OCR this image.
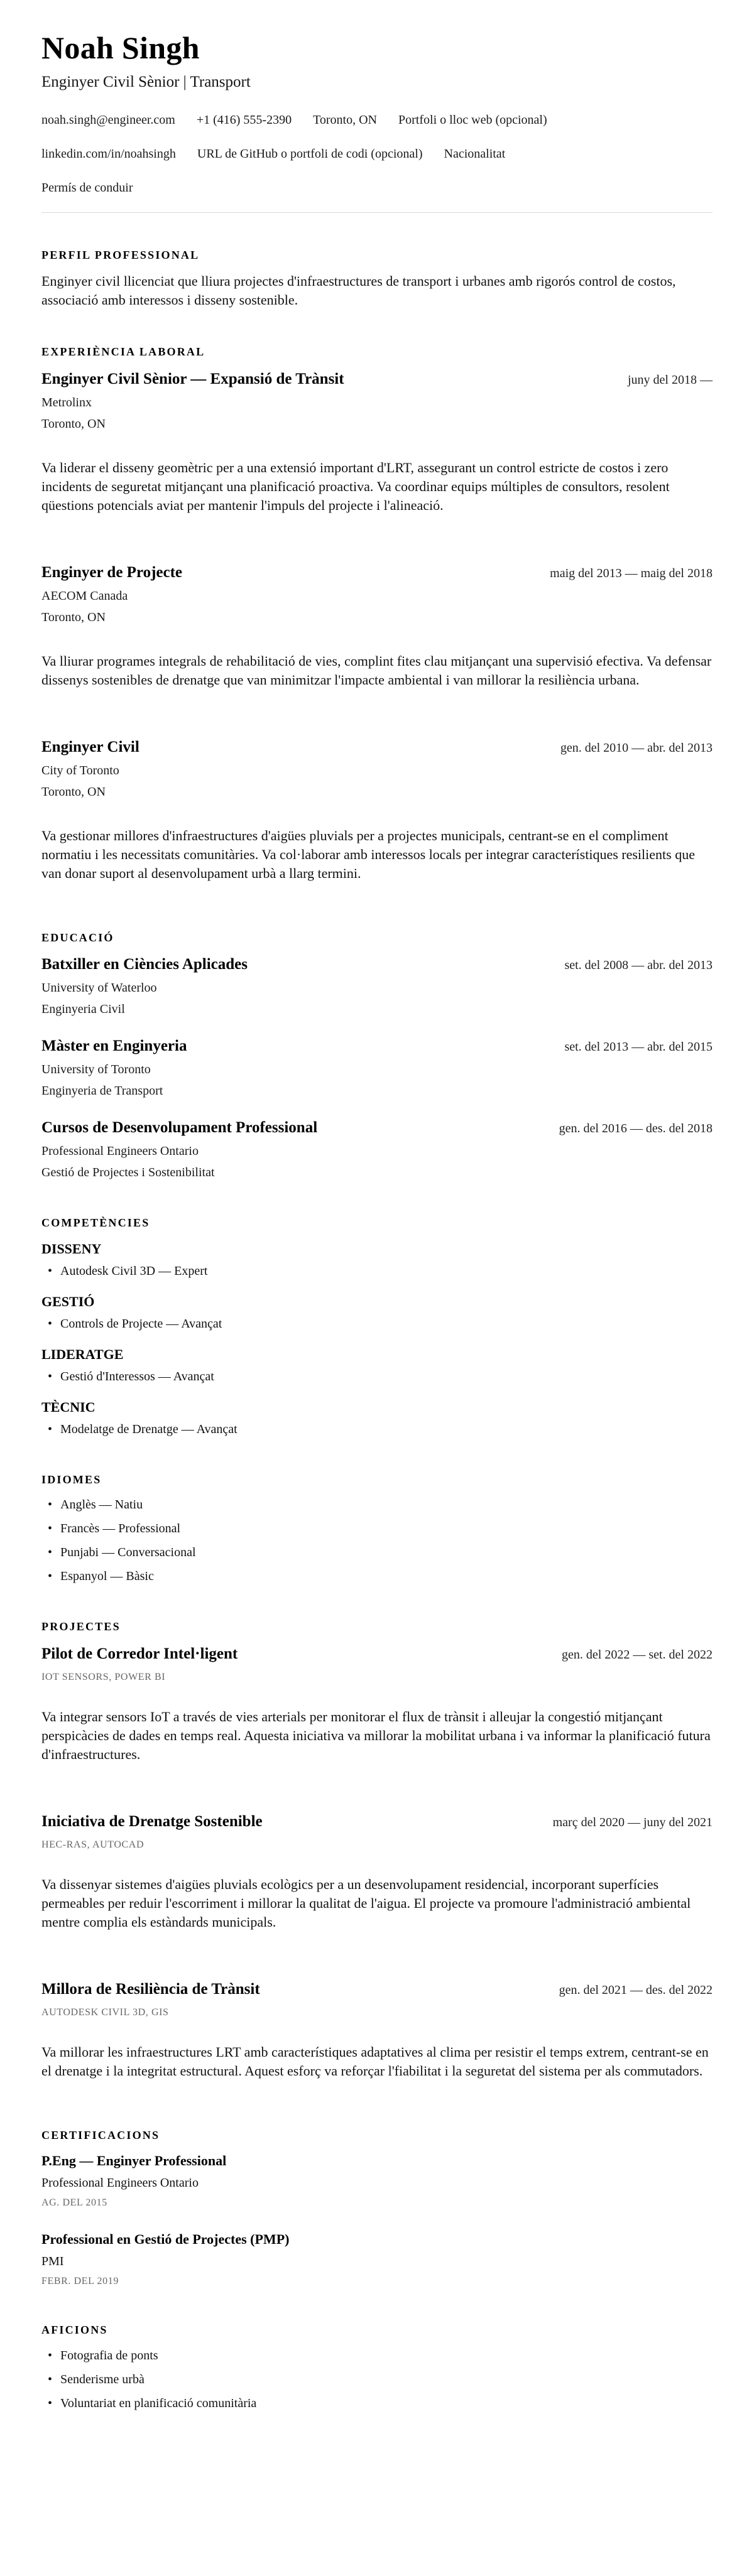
Noah Singh
Enginyer Civil Sènior | Transport
noah.singh@engineer.com +1 (416) 555-2390 Toronto, ON Portfoli o lloc web (opcional)
linkedin.com/in/noahsingh URL de GitHub o portfoli de codi (opcional) Nacionalitat
Permís de conduir
PERFIL PROFESSIONAL

Enginyer civil llicenciat que lliura projectes d'infraestructures de transport i urbanes amb rigorós control de costos, associació amb interessos i disseny sostenible.

EXPERIÈNCIA LABORAL
Enginyer Civil Sènior — Expansió de Trànsit	juny del 2018 —
Metrolinx
Toronto, ON

Va liderar el disseny geomètric per a una extensió important d'LRT, assegurant un control estricte de costos i zero incidents de seguretat mitjançant una planificació proactiva. Va coordinar equips múltiples de consultors, resolent qüestions potencials aviat per mantenir l'impuls del projecte i l'alineació.

Enginyer de Projecte	maig del 2013 — maig del 2018
AECOM Canada
Toronto, ON

Va lliurar programes integrals de rehabilitació de vies, complint fites clau mitjançant una supervisió efectiva. Va defensar dissenys sostenibles de drenatge que van minimitzar l'impacte ambiental i van millorar la resiliència urbana.

Enginyer Civil	gen. del 2010 — abr. del 2013
City of Toronto
Toronto, ON

Va gestionar millores d'infraestructures d'aigües pluvials per a projectes municipals, centrant-se en el compliment normatiu i les necessitats comunitàries. Va col·laborar amb interessos locals per integrar característiques resilients que van donar suport al desenvolupament urbà a llarg termini.

EDUCACIÓ
Batxiller en Ciències Aplicades	set. del 2008 — abr. del 2013
University of Waterloo
Enginyeria Civil
Màster en Enginyeria	set. del 2013 — abr. del 2015
University of Toronto
Enginyeria de Transport
Cursos de Desenvolupament Professional	gen. del 2016 — des. del 2018
Professional Engineers Ontario
Gestió de Projectes i Sostenibilitat
COMPETÈNCIES
DISSENY
• Autodesk Civil 3D — Expert
GESTIÓ
• Controls de Projecte — Avançat
LIDERATGE
• Gestió d'Interessos — Avançat
TÈCNIC
• Modelatge de Drenatge — Avançat
IDIOMES
• Anglès — Natiu
• Francès — Professional
• Punjabi — Conversacional
• Espanyol — Bàsic
PROJECTES
Pilot de Corredor Intel·ligent	gen. del 2022 — set. del 2022
IOT SENSORS, POWER BI

Va integrar sensors IoT a través de vies arterials per monitorar el flux de trànsit i alleujar la congestió mitjançant perspicàcies de dades en temps real. Aquesta iniciativa va millorar la mobilitat urbana i va informar la planificació futura d'infraestructures.

Iniciativa de Drenatge Sostenible	març del 2020 — juny del 2021
HEC-RAS, AUTOCAD

Va dissenyar sistemes d'aigües pluvials ecològics per a un desenvolupament residencial, incorporant superfícies permeables per reduir l'escorriment i millorar la qualitat de l'aigua. El projecte va promoure l'administració ambiental mentre complia els estàndards municipals.

Millora de Resiliència de Trànsit	gen. del 2021 — des. del 2022
AUTODESK CIVIL 3D, GIS

Va millorar les infraestructures LRT amb característiques adaptatives al clima per resistir el temps extrem, centrant-se en el drenatge i la integritat estructural. Aquest esforç va reforçar l'fiabilitat i la seguretat del sistema per als commutadors.

CERTIFICACIONS
P.Eng — Enginyer Professional
Professional Engineers Ontario
AG. DEL 2015
Professional en Gestió de Projectes (PMP)
PMI
FEBR. DEL 2019
AFICIONS
• Fotografia de ponts
• Senderisme urbà
• Voluntariat en planificació comunitària
